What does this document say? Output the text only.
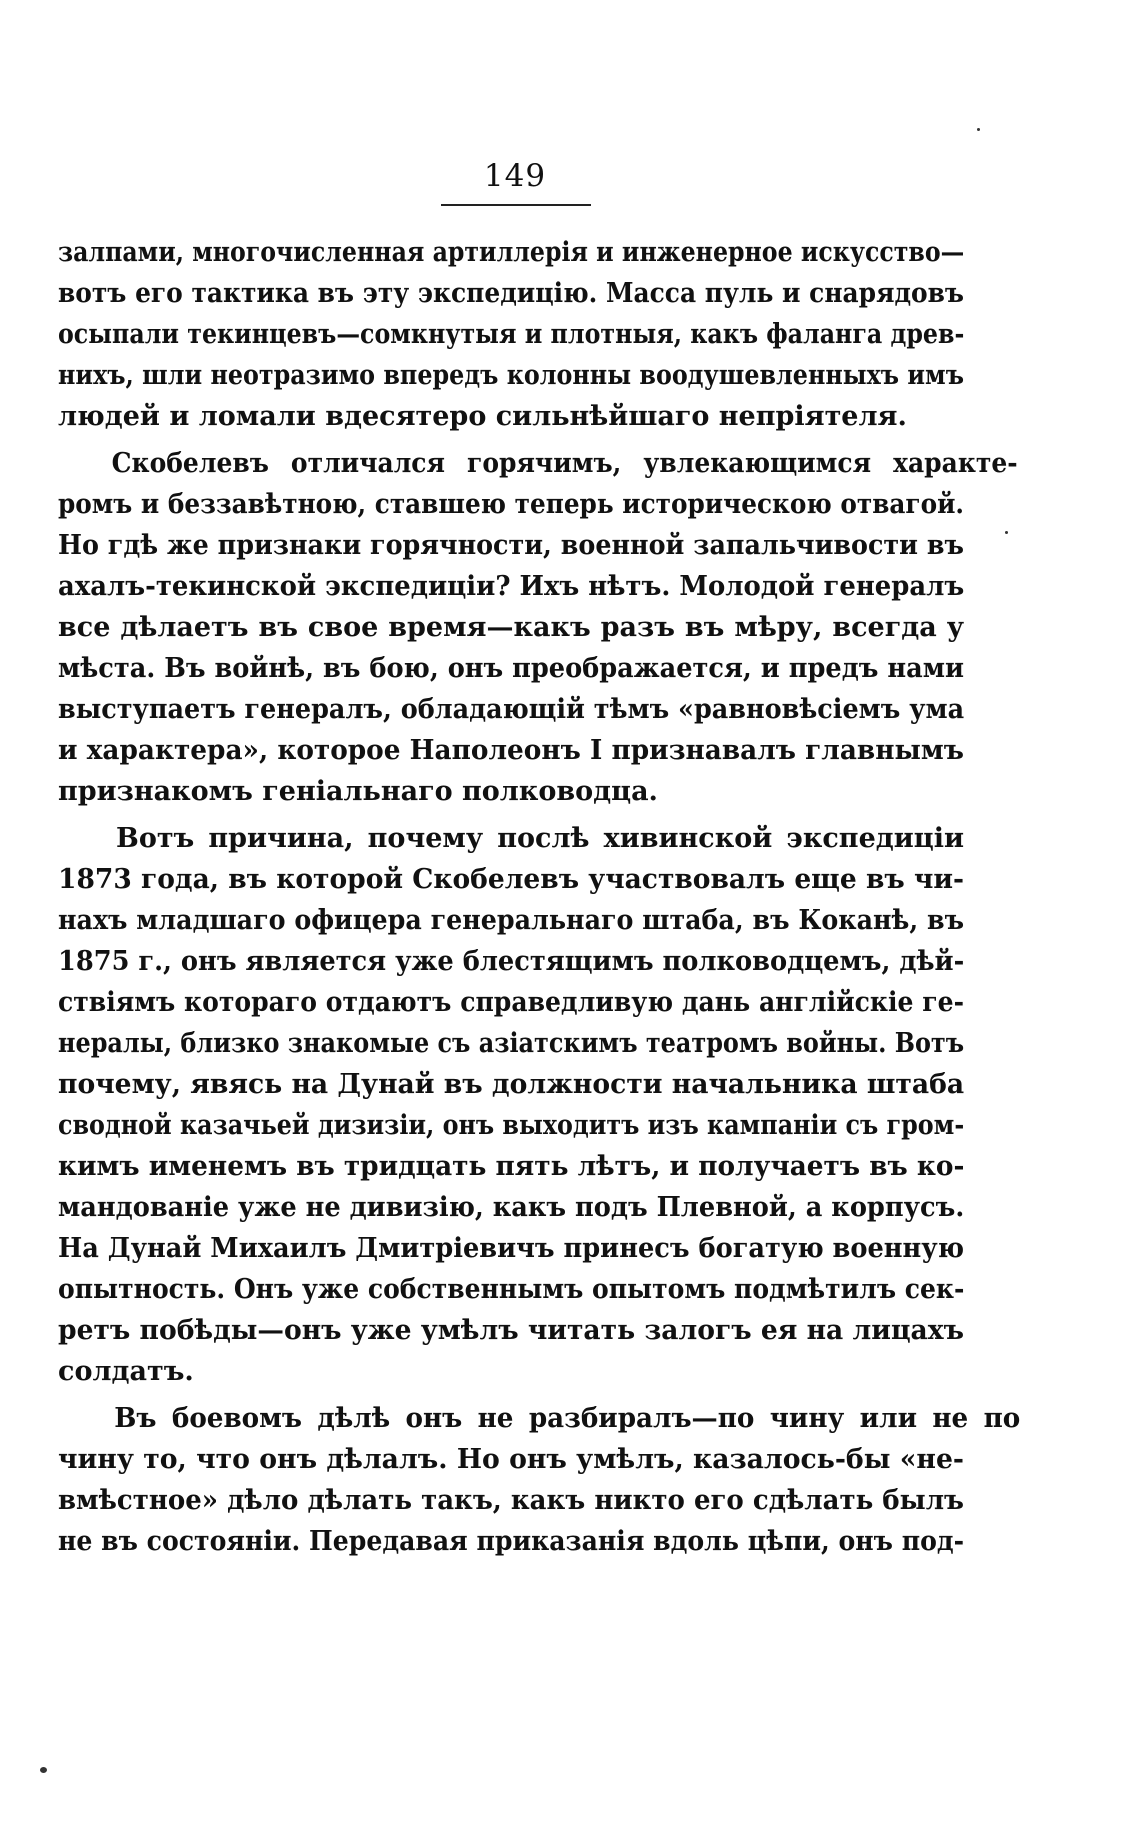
149
залпами, многочисленная артиллерія и инженерное искусство—
вотъ его тактика въ эту экспедицію. Масса пуль и снарядовъ
осыпали текинцевъ—сомкнутыя и плотныя, какъ фаланга древ-
нихъ, шли неотразимо впередъ колонны воодушевленныхъ имъ
людей и ломали вдесятеро сильнѣйшаго непріятеля.
Скобелевъ отличался горячимъ, увлекающимся характе-
ромъ и беззавѣтною, ставшею теперь историческою отвагой.
Но гдѣ же признаки горячности, военной запальчивости въ
ахалъ-текинской экспедиціи? Ихъ нѣтъ. Молодой генералъ
все дѣлаетъ въ свое время—какъ разъ въ мѣру, всегда у
мѣста. Въ войнѣ, въ бою, онъ преображается, и предъ нами
выступаетъ генералъ, обладающій тѣмъ «равновѣсіемъ ума
и характера», которое Наполеонъ I признавалъ главнымъ
признакомъ геніальнаго полководца.
Вотъ причина, почему послѣ хивинской экспедиціи
1873 года, въ которой Скобелевъ участвовалъ еще въ чи-
нахъ младшаго офицера генеральнаго штаба, въ Коканѣ, въ
1875 г., онъ является уже блестящимъ полководцемъ, дѣй-
ствіямъ котораго отдаютъ справедливую дань англійскіе ге-
нералы, близко знакомые съ азіатскимъ театромъ войны. Вотъ
почему, явясь на Дунай въ должности начальника штаба
сводной казачьей дизизіи, онъ выходитъ изъ кампаніи съ гром-
кимъ именемъ въ тридцать пять лѣтъ, и получаетъ въ ко-
мандованіе уже не дивизію, какъ подъ Плевной, а корпусъ.
На Дунай Михаилъ Дмитріевичъ принесъ богатую военную
опытность. Онъ уже собственнымъ опытомъ подмѣтилъ сек-
ретъ побѣды—онъ уже умѣлъ читать залогъ ея на лицахъ
солдатъ.
Въ боевомъ дѣлѣ онъ не разбиралъ—по чину или не по
чину то, что онъ дѣлалъ. Но онъ умѣлъ, казалось-бы «не-
вмѣстное» дѣло дѣлать такъ, какъ никто его сдѣлать былъ
не въ состояніи. Передавая приказанія вдоль цѣпи, онъ под-
